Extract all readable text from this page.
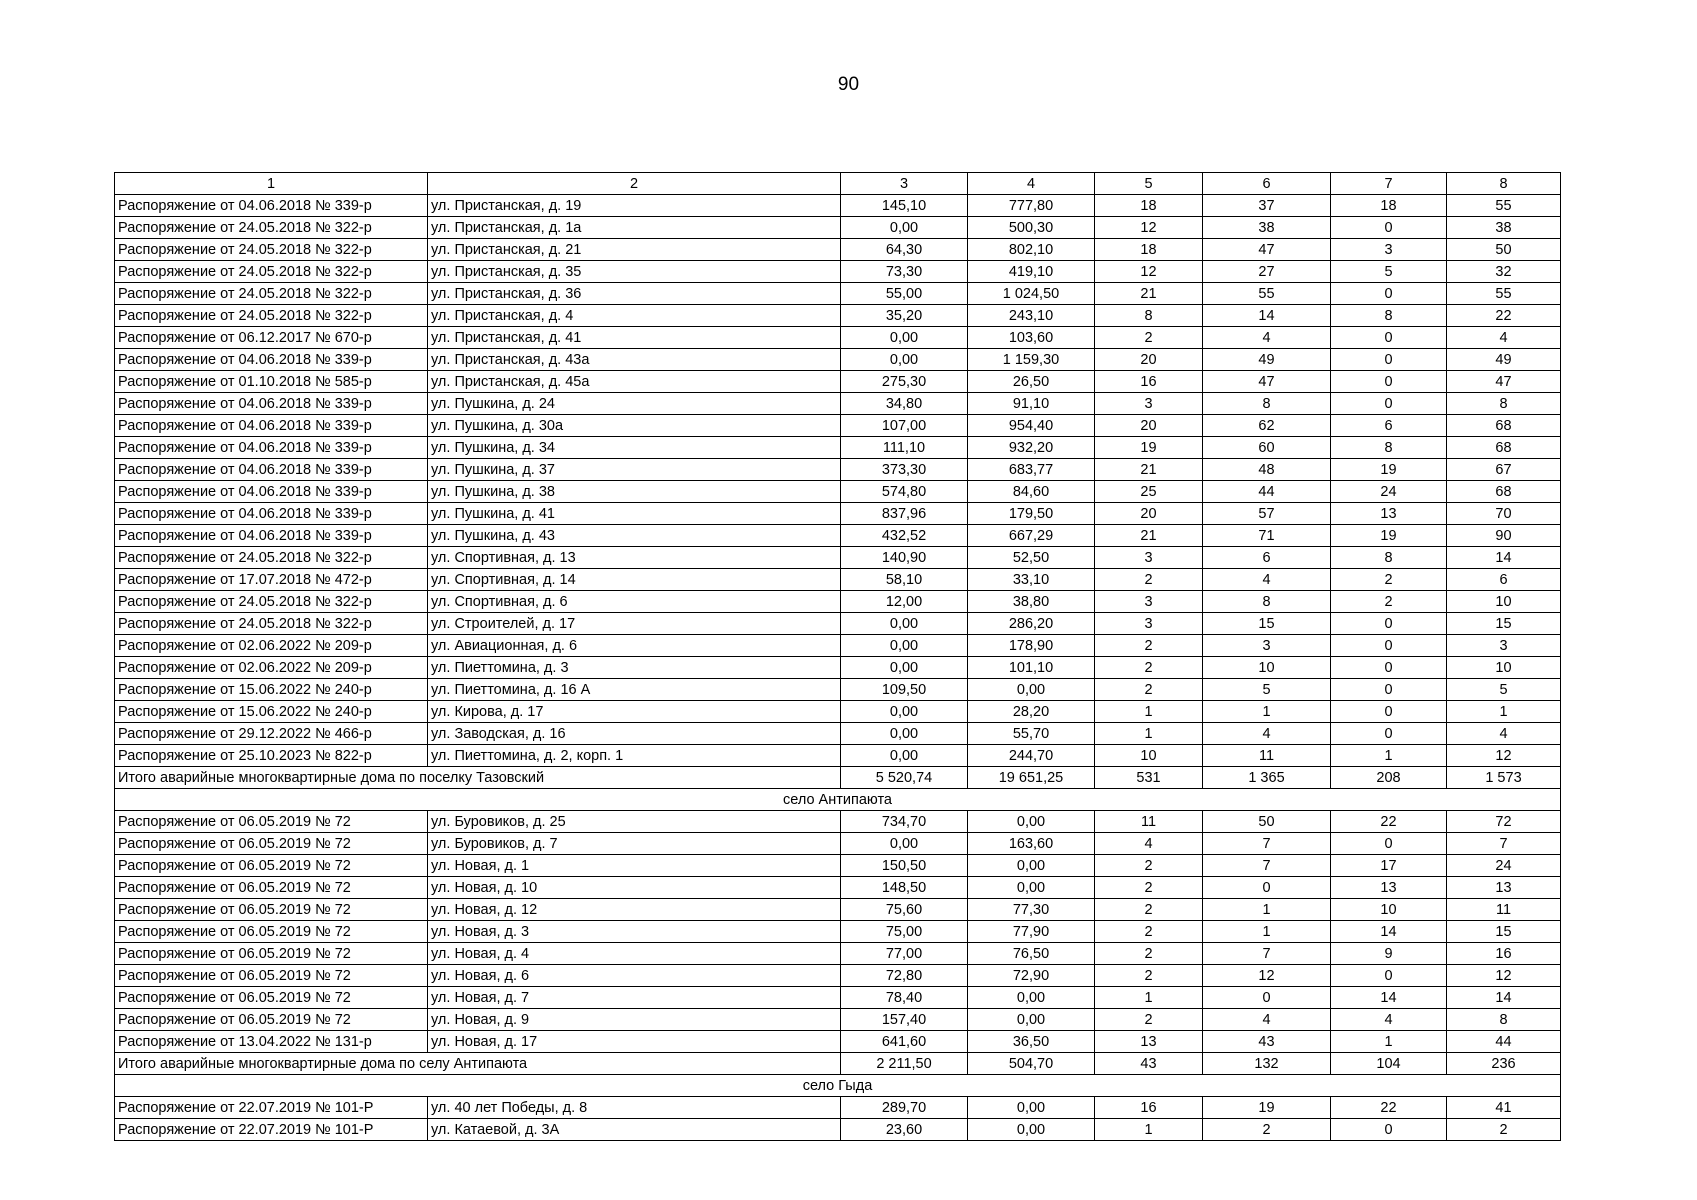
90
1	2	3	4	5	6	7	8
Распоряжение от 04.06.2018 № 339-р	ул. Пристанская, д. 19	145,10	777,80	18	37	18	55
Распоряжение от 24.05.2018 № 322-р	ул. Пристанская, д. 1а	0,00	500,30	12	38	0	38
Распоряжение от 24.05.2018 № 322-р	ул. Пристанская, д. 21	64,30	802,10	18	47	3	50
Распоряжение от 24.05.2018 № 322-р	ул. Пристанская, д. 35	73,30	419,10	12	27	5	32
Распоряжение от 24.05.2018 № 322-р	ул. Пристанская, д. 36	55,00	1 024,50	21	55	0	55
Распоряжение от 24.05.2018 № 322-р	ул. Пристанская, д. 4	35,20	243,10	8	14	8	22
Распоряжение от 06.12.2017 № 670-р	ул. Пристанская, д. 41	0,00	103,60	2	4	0	4
Распоряжение от 04.06.2018 № 339-р	ул. Пристанская, д. 43а	0,00	1 159,30	20	49	0	49
Распоряжение от 01.10.2018 № 585-р	ул. Пристанская, д. 45а	275,30	26,50	16	47	0	47
Распоряжение от 04.06.2018 № 339-р	ул. Пушкина, д. 24	34,80	91,10	3	8	0	8
Распоряжение от 04.06.2018 № 339-р	ул. Пушкина, д. 30а	107,00	954,40	20	62	6	68
Распоряжение от 04.06.2018 № 339-р	ул. Пушкина, д. 34	111,10	932,20	19	60	8	68
Распоряжение от 04.06.2018 № 339-р	ул. Пушкина, д. 37	373,30	683,77	21	48	19	67
Распоряжение от 04.06.2018 № 339-р	ул. Пушкина, д. 38	574,80	84,60	25	44	24	68
Распоряжение от 04.06.2018 № 339-р	ул. Пушкина, д. 41	837,96	179,50	20	57	13	70
Распоряжение от 04.06.2018 № 339-р	ул. Пушкина, д. 43	432,52	667,29	21	71	19	90
Распоряжение от 24.05.2018 № 322-р	ул. Спортивная, д. 13	140,90	52,50	3	6	8	14
Распоряжение от 17.07.2018 № 472-р	ул. Спортивная, д. 14	58,10	33,10	2	4	2	6
Распоряжение от 24.05.2018 № 322-р	ул. Спортивная, д. 6	12,00	38,80	3	8	2	10
Распоряжение от 24.05.2018 № 322-р	ул. Строителей, д. 17	0,00	286,20	3	15	0	15
Распоряжение от 02.06.2022 № 209-р	ул. Авиационная, д. 6	0,00	178,90	2	3	0	3
Распоряжение от 02.06.2022 № 209-р	ул. Пиеттомина, д. 3	0,00	101,10	2	10	0	10
Распоряжение от 15.06.2022 № 240-р	ул. Пиеттомина, д. 16 А	109,50	0,00	2	5	0	5
Распоряжение от 15.06.2022 № 240-р	ул. Кирова, д. 17	0,00	28,20	1	1	0	1
Распоряжение от 29.12.2022 № 466-р	ул. Заводская, д. 16	0,00	55,70	1	4	0	4
Распоряжение от 25.10.2023 № 822-р	ул. Пиеттомина, д. 2, корп. 1	0,00	244,70	10	11	1	12
Итого аварийные многоквартирные дома по поселку Тазовский		5 520,74	19 651,25	531	1 365	208	1 573
село Антипаюта							
Распоряжение от 06.05.2019 № 72	ул. Буровиков, д. 25	734,70	0,00	11	50	22	72
Распоряжение от 06.05.2019 № 72	ул. Буровиков, д. 7	0,00	163,60	4	7	0	7
Распоряжение от 06.05.2019 № 72	ул. Новая, д. 1	150,50	0,00	2	7	17	24
Распоряжение от 06.05.2019 № 72	ул. Новая, д. 10	148,50	0,00	2	0	13	13
Распоряжение от 06.05.2019 № 72	ул. Новая, д. 12	75,60	77,30	2	1	10	11
Распоряжение от 06.05.2019 № 72	ул. Новая, д. 3	75,00	77,90	2	1	14	15
Распоряжение от 06.05.2019 № 72	ул. Новая, д. 4	77,00	76,50	2	7	9	16
Распоряжение от 06.05.2019 № 72	ул. Новая, д. 6	72,80	72,90	2	12	0	12
Распоряжение от 06.05.2019 № 72	ул. Новая, д. 7	78,40	0,00	1	0	14	14
Распоряжение от 06.05.2019 № 72	ул. Новая, д. 9	157,40	0,00	2	4	4	8
Распоряжение от 13.04.2022 № 131-р	ул. Новая, д. 17	641,60	36,50	13	43	1	44
Итого аварийные многоквартирные дома по селу Антипаюта		2 211,50	504,70	43	132	104	236
село Гыда							
Распоряжение от 22.07.2019 № 101-Р	ул. 40 лет Победы, д. 8	289,70	0,00	16	19	22	41
Распоряжение от 22.07.2019 № 101-Р	ул. Катаевой, д. 3А	23,60	0,00	1	2	0	2
